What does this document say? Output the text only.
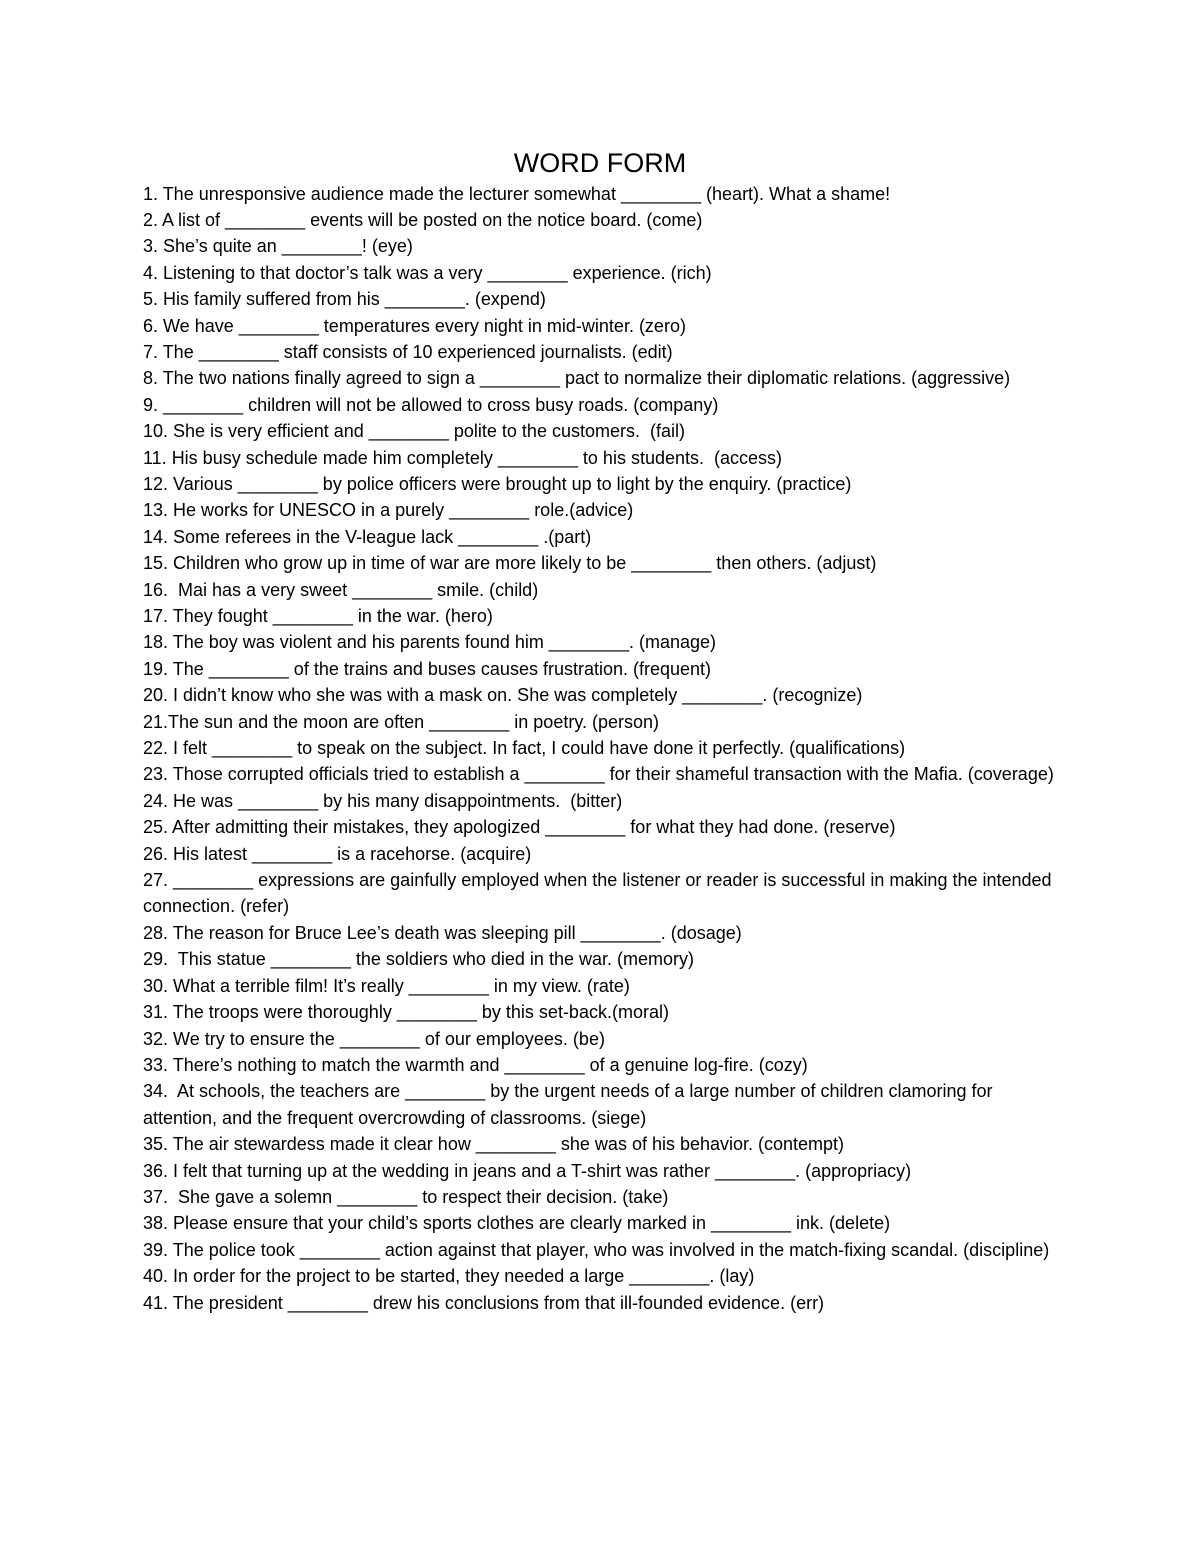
WORD FORM
1. The unresponsive audience made the lecturer somewhat ________ (heart). What a shame!
2. A list of ________ events will be posted on the notice board. (come)
3. She’s quite an ________! (eye)
4. Listening to that doctor’s talk was a very ________ experience. (rich)
5. His family suffered from his ________. (expend)
6. We have ________ temperatures every night in mid-winter. (zero)
7. The ________ staff consists of 10 experienced journalists. (edit)
8. The two nations finally agreed to sign a ________ pact to normalize their diplomatic relations. (aggressive)
9. ________ children will not be allowed to cross busy roads. (company)
10. She is very efficient and ________ polite to the customers.  (fail)
11. His busy schedule made him completely ________ to his students.  (access)
12. Various ________ by police officers were brought up to light by the enquiry. (practice)
13. He works for UNESCO in a purely ________ role.(advice)
14. Some referees in the V-league lack ________ .(part)
15. Children who grow up in time of war are more likely to be ________ then others. (adjust)
16.  Mai has a very sweet ________ smile. (child)
17. They fought ________ in the war. (hero)
18. The boy was violent and his parents found him ________. (manage)
19. The ________ of the trains and buses causes frustration. (frequent)
20. I didn’t know who she was with a mask on. She was completely ________. (recognize)
21.The sun and the moon are often ________ in poetry. (person)
22. I felt ________ to speak on the subject. In fact, I could have done it perfectly. (qualifications)
23. Those corrupted officials tried to establish a ________ for their shameful transaction with the Mafia. (coverage)
24. He was ________ by his many disappointments.  (bitter)
25. After admitting their mistakes, they apologized ________ for what they had done. (reserve)
26. His latest ________ is a racehorse. (acquire)
27. ________ expressions are gainfully employed when the listener or reader is successful in making the intended connection. (refer)
28. The reason for Bruce Lee’s death was sleeping pill ________. (dosage)
29.  This statue ________ the soldiers who died in the war. (memory)
30. What a terrible film! It’s really ________ in my view. (rate)
31. The troops were thoroughly ________ by this set-back.(moral)
32. We try to ensure the ________ of our employees. (be)
33. There’s nothing to match the warmth and ________ of a genuine log-fire. (cozy)
34.  At schools, the teachers are ________ by the urgent needs of a large number of children clamoring for attention, and the frequent overcrowding of classrooms. (siege)
35. The air stewardess made it clear how ________ she was of his behavior. (contempt)
36. I felt that turning up at the wedding in jeans and a T-shirt was rather ________. (appropriacy)
37.  She gave a solemn ________ to respect their decision. (take)
38. Please ensure that your child’s sports clothes are clearly marked in ________ ink. (delete)
39. The police took ________ action against that player, who was involved in the match-fixing scandal. (discipline)
40. In order for the project to be started, they needed a large ________. (lay)
41. The president ________ drew his conclusions from that ill-founded evidence. (err)
